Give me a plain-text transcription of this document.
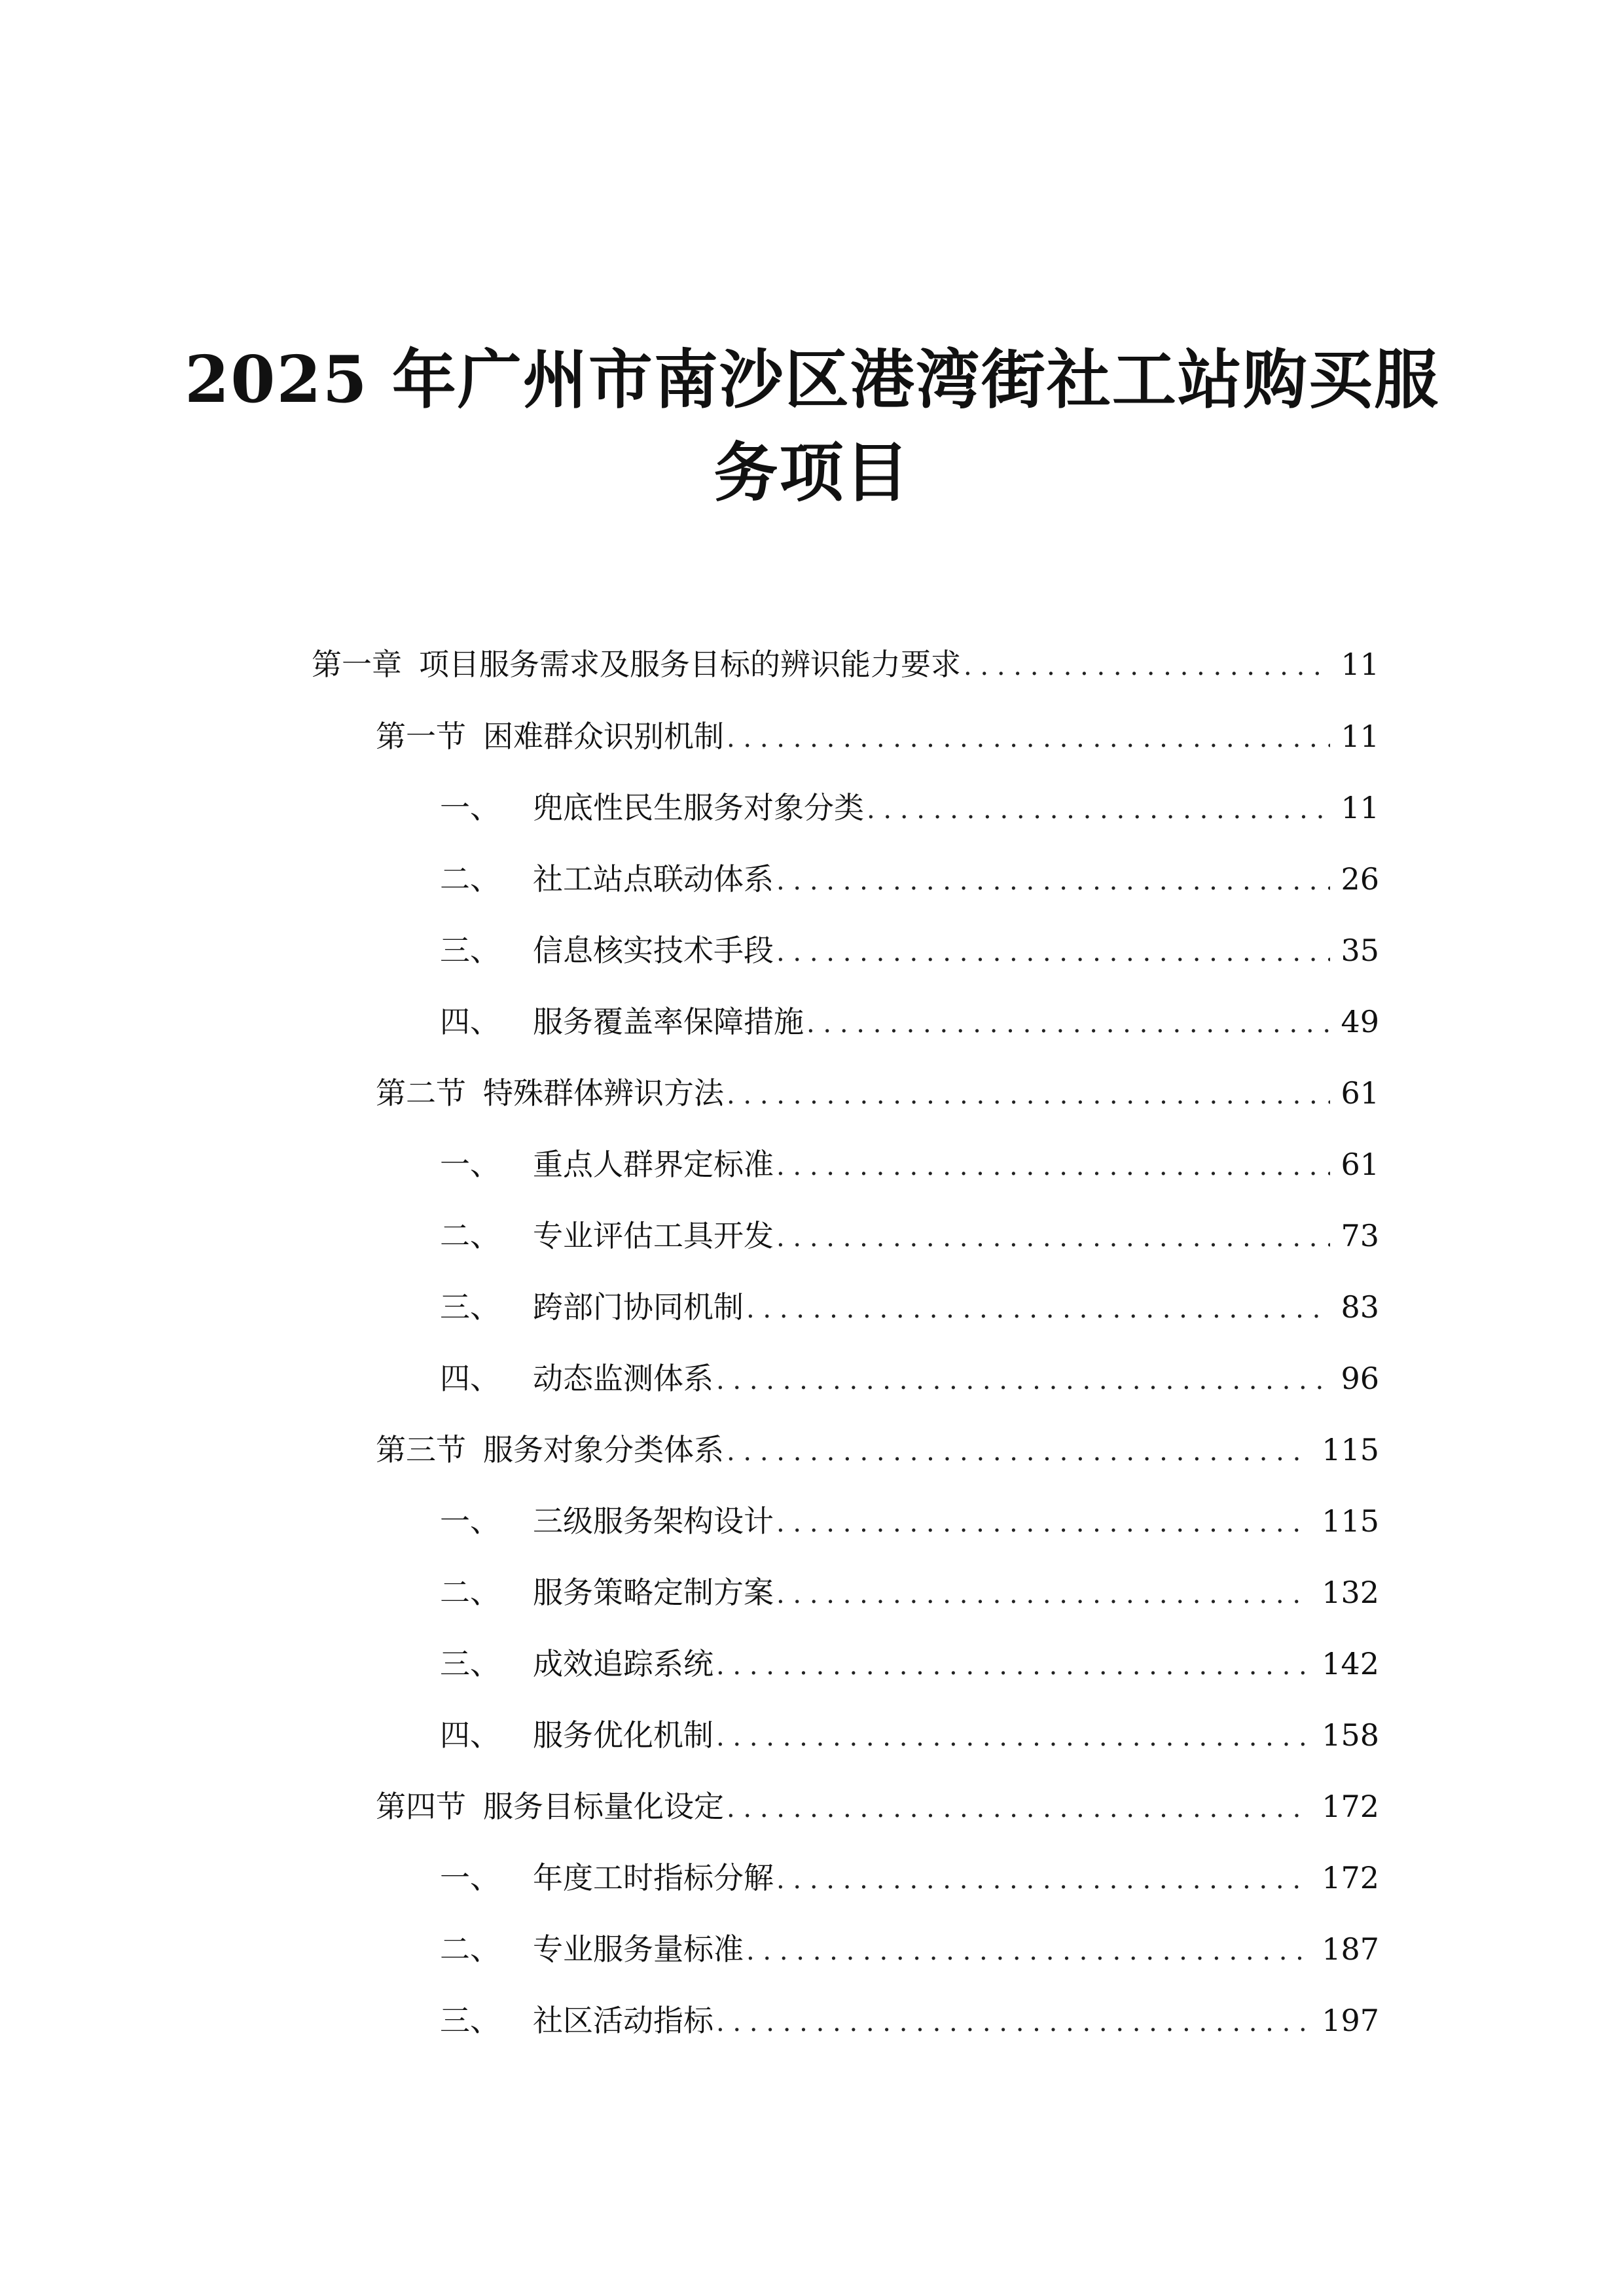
2025 年广州市南沙区港湾街社工站购买服
务项目
第一章 项目服务需求及服务目标的辨识能力要求 . . .	11
第一节 困难群众识别机制 . . .	11
一、 兜底性民生服务对象分类 . . .	11
二、 社工站点联动体系 . . .	26
三、 信息核实技术手段 . . .	35
四、 服务覆盖率保障措施 . . .	49
第二节 特殊群体辨识方法 . . .	61
一、 重点人群界定标准 . . .	61
二、 专业评估工具开发 . . .	73
三、 跨部门协同机制 . . .	83
四、 动态监测体系 . . .	96
第三节 服务对象分类体系 . . .	115
一、 三级服务架构设计 . . .	115
二、 服务策略定制方案 . . .	132
三、 成效追踪系统 . . .	142
四、 服务优化机制 . . .	158
第四节 服务目标量化设定 . . .	172
一、 年度工时指标分解 . . .	172
二、 专业服务量标准 . . .	187
三、 社区活动指标 . . .	197
